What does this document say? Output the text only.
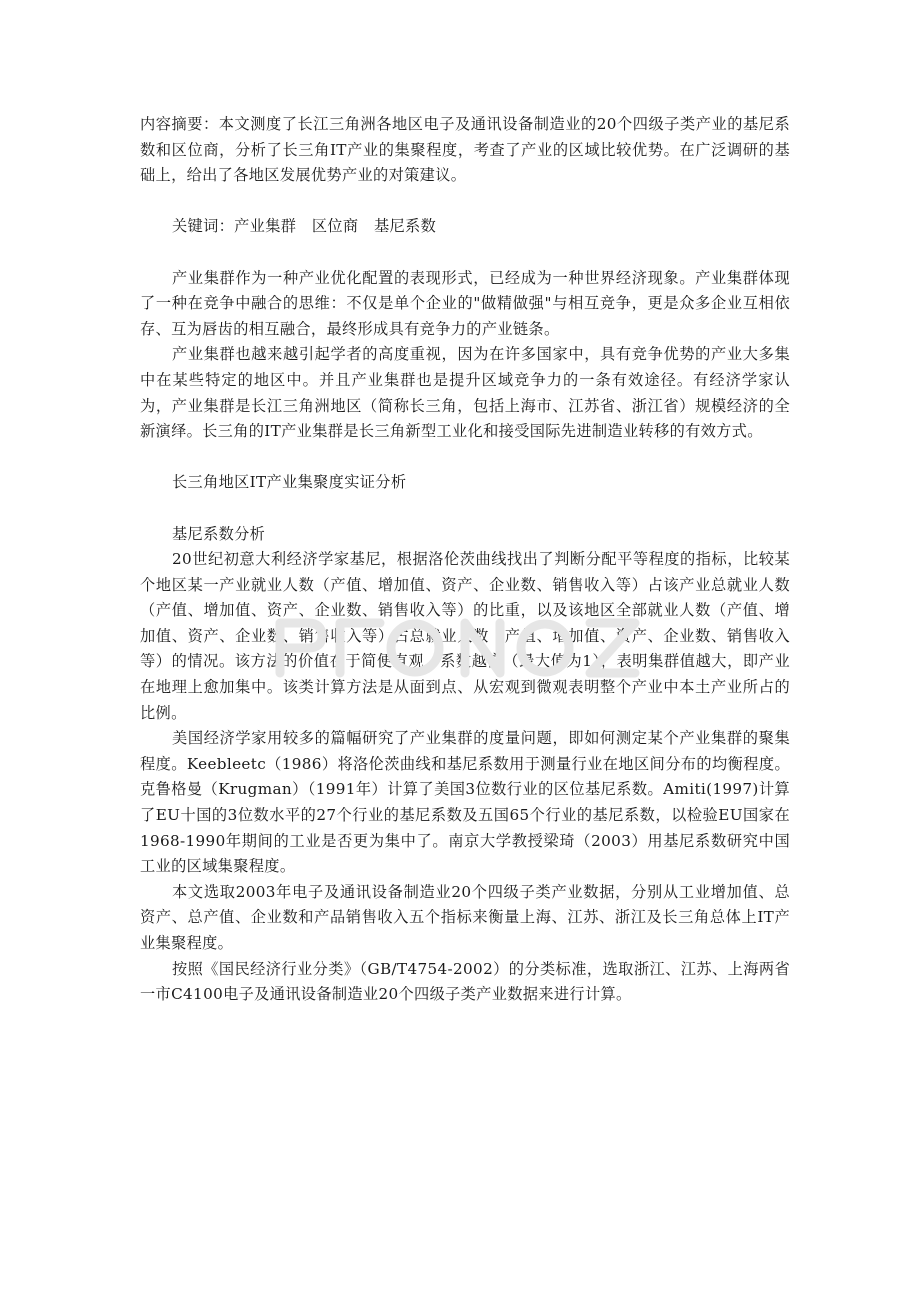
内容摘要：本文测度了长江三角洲各地区电子及通讯设备制造业的20个四级子类产业的基尼系数和区位商，分析了长三角IT产业的集聚程度，考查了产业的区域比较优势。在广泛调研的基础上，给出了各地区发展优势产业的对策建议。

关键词：产业集群　区位商　基尼系数

产业集群作为一种产业优化配置的表现形式，已经成为一种世界经济现象。产业集群体现了一种在竞争中融合的思维：不仅是单个企业的"做精做强"与相互竞争，更是众多企业互相依存、互为唇齿的相互融合，最终形成具有竞争力的产业链条。

产业集群也越来越引起学者的高度重视，因为在许多国家中，具有竞争优势的产业大多集中在某些特定的地区中。并且产业集群也是提升区域竞争力的一条有效途径。有经济学家认为，产业集群是长江三角洲地区（简称长三角，包括上海市、江苏省、浙江省）规模经济的全新演绎。长三角的IT产业集群是长三角新型工业化和接受国际先进制造业转移的有效方式。

长三角地区IT产业集聚度实证分析

基尼系数分析

20世纪初意大利经济学家基尼，根据洛伦茨曲线找出了判断分配平等程度的指标，比较某个地区某一产业就业人数（产值、增加值、资产、企业数、销售收入等）占该产业总就业人数（产值、增加值、资产、企业数、销售收入等）的比重，以及该地区全部就业人数（产值、增加值、资产、企业数、销售收入等）占总就业人数（产值、增加值、资产、企业数、销售收入等）的情况。该方法的价值在于简便直观，系数越高（最大值为1），表明集群值越大，即产业在地理上愈加集中。该类计算方法是从面到点、从宏观到微观表明整个产业中本土产业所占的比例。

美国经济学家用较多的篇幅研究了产业集群的度量问题，即如何测定某个产业集群的聚集程度。Keebleetc（1986）将洛伦茨曲线和基尼系数用于测量行业在地区间分布的均衡程度。克鲁格曼（Krugman）（1991年）计算了美国3位数行业的区位基尼系数。Amiti(1997)计算了EU十国的3位数水平的27个行业的基尼系数及五国65个行业的基尼系数，以检验EU国家在1968-1990年期间的工业是否更为集中了。南京大学教授梁琦（2003）用基尼系数研究中国工业的区域集聚程度。

本文选取2003年电子及通讯设备制造业20个四级子类产业数据，分别从工业增加值、总资产、总产值、企业数和产品销售收入五个指标来衡量上海、江苏、浙江及长三角总体上IT产业集聚程度。

按照《国民经济行业分类》（GB/T4754-2002）的分类标准，选取浙江、江苏、上海两省一市C4100电子及通讯设备制造业20个四级子类产业数据来进行计算。
